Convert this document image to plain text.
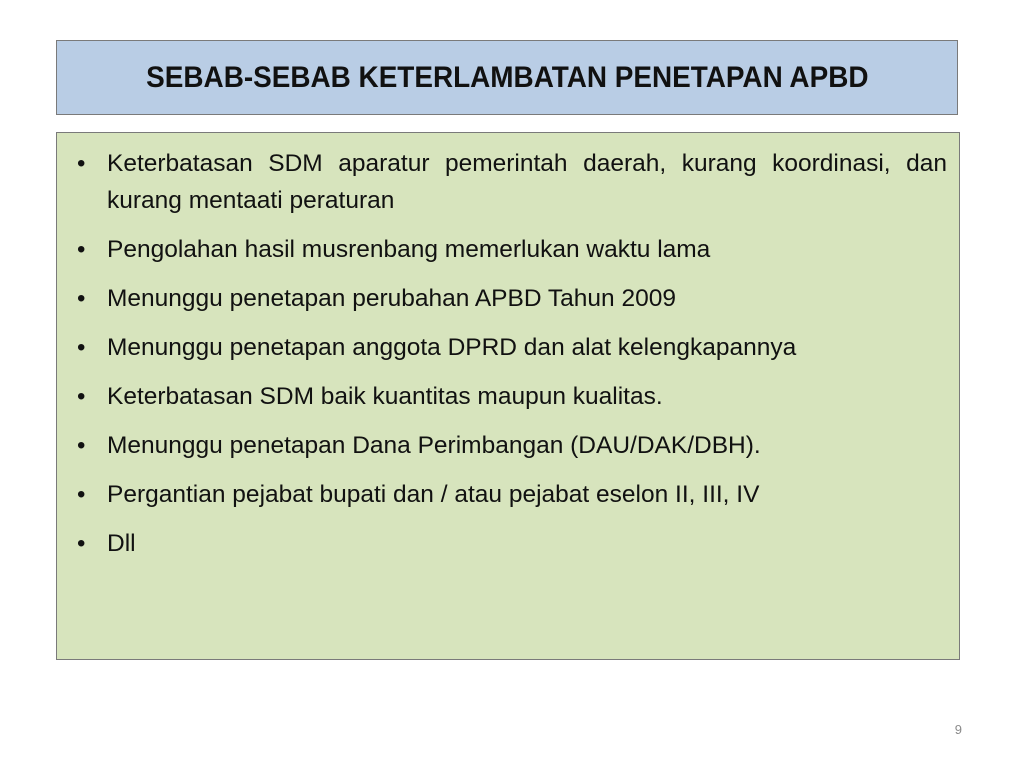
SEBAB-SEBAB KETERLAMBATAN PENETAPAN APBD
• Keterbatasan SDM aparatur pemerintah daerah, kurang koordinasi, dan kurang mentaati peraturan
• Pengolahan hasil musrenbang memerlukan waktu lama
• Menunggu penetapan perubahan APBD Tahun 2009
• Menunggu penetapan anggota DPRD dan alat kelengkapannya
• Keterbatasan SDM baik kuantitas maupun kualitas.
• Menunggu penetapan Dana Perimbangan (DAU/DAK/DBH).
• Pergantian pejabat bupati dan / atau pejabat eselon II, III, IV
• Dll
9
